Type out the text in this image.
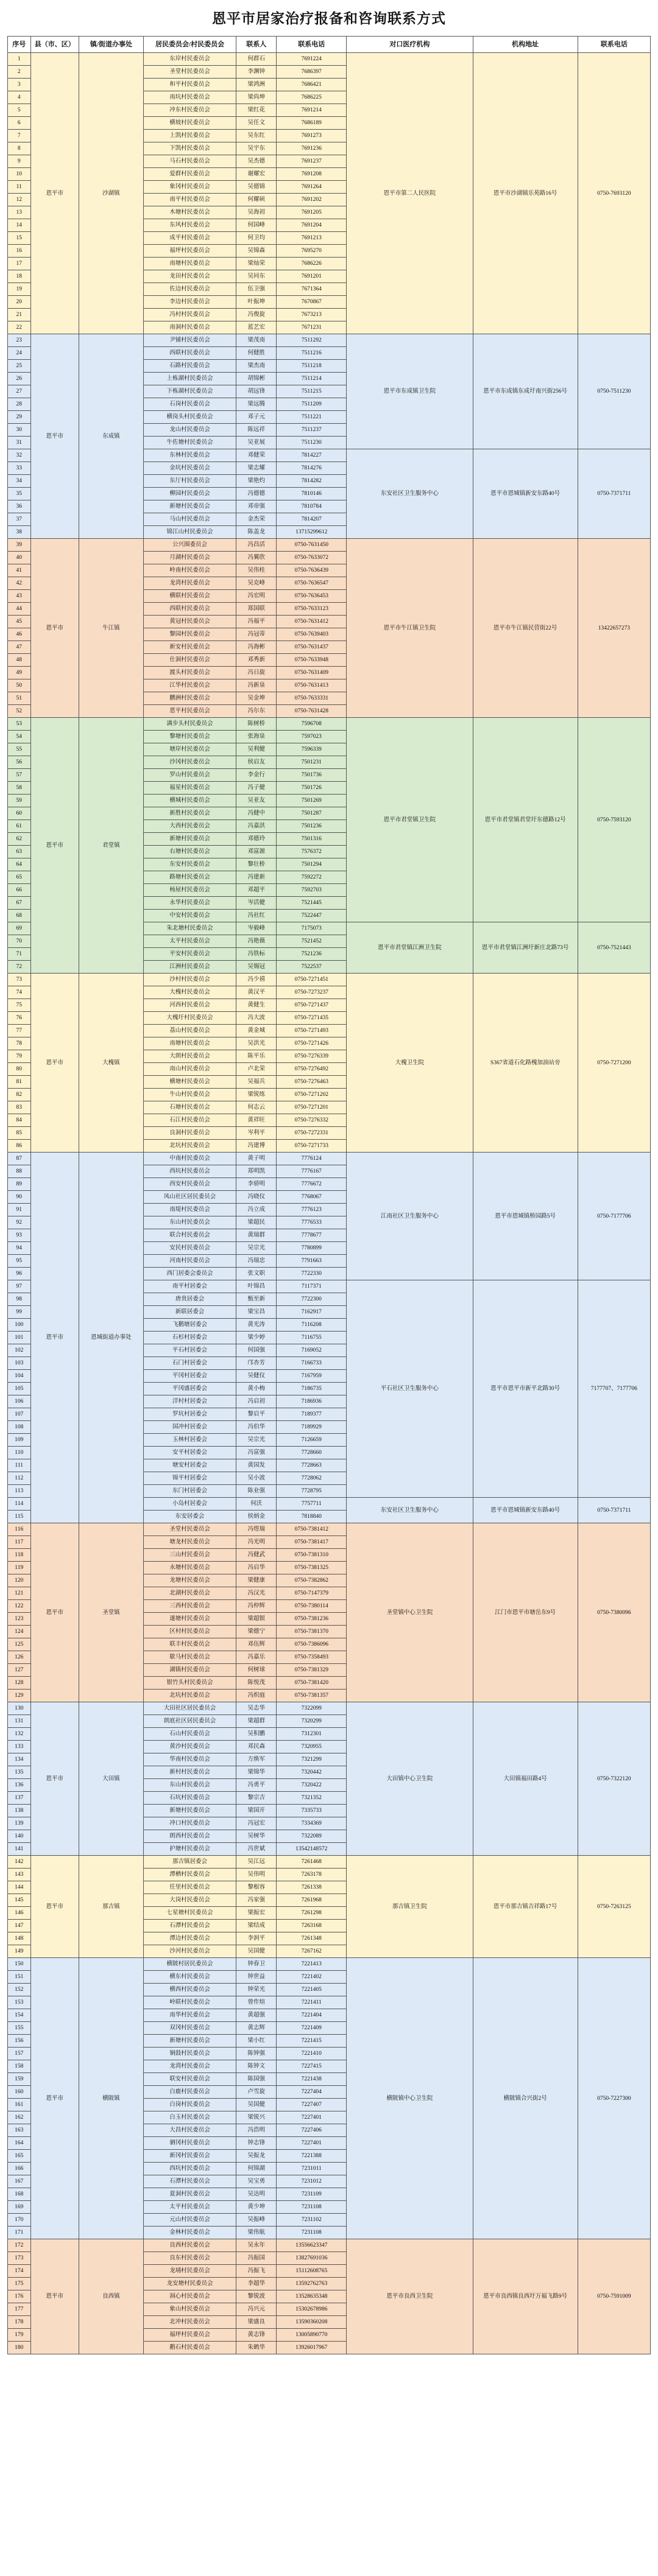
恩平市居家治疗报备和咨询联系方式
序号	县（市、区）	镇/街道办事处	居民委员会/村民委员会	联系人	联系电话	对口医疗机构	机构地址	联系电话
1	恩平市	沙湖镇	东岸村民委员会	何群石	7691224	恩平市第二人民医院	恩平市沙湖镇乐苑路16号	0750-7693120
2			圣堂村民委员会	李渊钟	7686397			
3			和平村民委员会	梁鸿洲	7686421			
4			南坑村民委员会	梁尚坤	7686225			
5			冲东村民委员会	梁红花	7691214			
6			横坡村民委员会	吴任文	7686189			
7			上凯村民委员会	吴东红	7691273			
8			下凯村民委员会	吴宇东	7691236			
9			马石村民委员会	吴杰德	7691237			
10			爱群村民委员会	谢耀宏	7691208			
11			象冈村民委员会	吴德锦	7691264			
12			南平村民委员会	何耀硕	7691202			
13			木塘村民委员会	吴海初	7691205			
14			东风村民委员会	何国峰	7691204			
15			成平村民委员会	何卫均	7691213			
16			福坪村民委员会	吴锦森	7695270			
17			南塘村民委员会	梁灿荣	7686226			
18			龙田村民委员会	吴同东	7691201			
19			佐边村民委员会	伍卫强	7671364			
20			李边村民委员会	叶振坤	7670867			
21			冯村村民委员会	冯俊旋	7673213			
22			南洞村民委员会	蓝艺宏	7671231			
23	恩平市	东成镇	尹铺村民委员会	梁茂南	7511292	恩平市东成镇卫生院	恩平市东成镇东成圩南兴街256号	0750-7511230
24			西联村民委员会	何健胜	7511216			
25			石路村民委员会	梁杰南	7511218			
26			上栋湖村民委员会	胡锦彬	7511214			
27			下栋湖村民委员会	胡远锋	7511215			
28			石岗村民委员会	梁远腾	7511209			
29			横岗头村民委员会	邓子元	7511221			
30			龙山村民委员会	陈远祥	7511237			
31			牛佐塘村民委员会	吴亚展	7511230			
32			东林村民委员会	邓健荣	7814227	东安社区卫生服务中心	恩平市恩城镇新安东路40号	0750-7371711
33			金坑村民委员会	梁志耀	7814276			
34			东厅村民委员会	梁艳灼	7814282			
35			柳园村民委员会	冯德德	7810146			
36			新塘村民委员会	邓帝强	7810784			
37			马山村民委员会	金杰荣	7814207			
38			锦江山村民委员会	陈盖龙	13715299612			
39	恩平市	牛江镇	公兴围委员会	冯昌活	0750-7631450	恩平市牛江镇卫生院	恩平市牛江镇民营街22号	13422657273
40			月湖村民委员会	冯翼欣	0750-7633072			
41			岭南村民委员会	吴伟桂	0750-7636439			
42			龙湾村民委员会	吴克峰	0750-7636547			
43			横联村民委员会	冯宏明	0750-7636453			
44			西联村民委员会	郑国联	0750-7633123			
45			黄冠村民委员会	冯福平	0750-7631412			
46			黎园村民委员会	冯冠蒂	0750-7639403			
47			新安村民委员会	冯海彬	0750-7631437			
48			仕洞村民委员会	邓秀新	0750-7633948			
49			渡头村民委员会	冯日旋	0750-7631409			
50			江华村民委员会	冯新泉	0750-7631413			
51			鹏洲村民委员会	吴金坤	0750-7633331			
52			恩平村民委员会	冯尔东	0750-7631428			
53	恩平市	君堂镇	满步头村民委员会	陈树桥	7596708	恩平市君堂镇卫生院	恩平市君堂镇君堂圩东德路12号	0750-7593120
54			黎塘村民委员会	张海泉	7597023			
55			塘岸村民委员会	吴利健	7596339			
56			沙冈村民委员会	侯启友	7501231			
57			罗山村民委员会	李金行	7501736			
58			福星村民委员会	冯子健	7501726			
59			横城村民委员会	吴亚友	7501269			
60			新胜村民委员会	冯健中	7501287			
61			大西村民委员会	冯嘉洪	7501236			
62			新塘村民委员会	邓德玲	7501316			
63			右塘村民委员会	邓富源	7576372			
64			东安村民委员会	黎壮桥	7501294			
65			路塘村民委员会	冯建新	7592272			
66			杨屋村民委员会	邓超平	7592703			
67			永华村民委员会	岑活健	7521445			
68			中安村民委员会	冯社红	7522447			
69			朱北塘村民委员会	岑毅峰	7175073	恩平市君堂镇江洲卫生院	恩平市君堂镇江洲圩新庄北路73号	0750-7521443
70			太平村民委员会	冯艳薇	7521452			
71			平安村民委员会	冯铁标	7521236			
72			江洲村民委员会	吴锡冠	7522537			
73	恩平市	大槐镇	沙村村民委员会	冯少禧	0750-7271451	大槐卫生院	S367省道石化路槐加油站旁	0750-7271200
74			大槐村民委员会	黄汉平	0750-7273237			
75			河西村民委员会	黄健生	0750-7271437			
76			大槐圩村民委员会	冯大波	0750-7271435			
77			荔山村民委员会	黄金城	0750-7271493			
78			南塘村民委员会	吴洪光	0750-7271426			
79			大朗村民委员会	陈平乐	0750-7276339			
80			南山村民委员会	卢北荣	0750-7276492			
81			横塘村民委员会	吴福兵	0750-7276463			
82			牛山村民委员会	梁锐练	0750-7271202			
83			石塘村民委员会	何志云	0750-7271201			
84			石江村民委员会	黄祥旺	0750-7276332			
85			良洞村民委员会	岑利平	0750-7272331			
86			北坑村民委员会	冯建博	0750-7271733			
87	恩平市	恩城街道办事处	中南村民委员会	黄子明	7776124	江南社区卫生服务中心	恩平市恩城镇桥园路5号	0750-7177706
88			西坑村民委员会	郑明凯	7776167			
89			西安村民委员会	李骄明	7776672			
90			凤山社区居民委员会	冯晓仪	7768067			
91			南堤村民委员会	冯立成	7776123			
92			东山村民委员会	梁超民	7776533			
93			联合村民委员会	黄瑞群	7778677			
94			安民村民委员会	吴宗光	7780899			
95			河南村民委员会	冯瑞忠	7791663			
96			西门居委会委员会	张文职	7722330			
97			南平村居委会	叶锦昌	7117371	平石社区卫生服务中心	恩平市恩平市新平北路30号	7177707、7177706
98			唐贵居委会	甄至新	7722300			
99			新联居委会	梁宝昌	7162917			
100			飞鹅塘居委会	黄光涛	7116208			
101			石杉村居委会	梁少婷	7116755			
102			平石村居委会	何国强	7169052			
103			石门村居委会	邝杏芳	7166733			
104			平冈村居委会	吴健仪	7167959			
105			平冈盛居委会	黄小梅	7186735			
106			洋村村居委会	冯启初	7186936			
107			罗坑村居委会	黎启平	7189377			
108			国冲村居委会	冯伯华	7189929			
109			玉林村居委会	吴宗光	7126659			
110			安平村居委会	冯富强	7728660			
111			塘安村居委会	黄国发	7728663			
112			锦平村居委会	吴小波	7728062			
113			东门村居委会	陈业强	7728795			
114			小岛村居委会	何沃	7757711	东安社区卫生服务中心	恩平市恩城镇新安东路40号	0750-7371711
115			东安居委会	侯炳金	7818840			
116	恩平市	圣堂镇	圣堂村民委员会	冯煜瑞	0750-7381412	圣堂镇中心卫生院	江门市恩平市塘岳东9号	0750-7380096
117			塘龙村民委员会	冯光明	0750-7381417			
118			三山村民委员会	冯健武	0750-7381310			
119			永塘村民委员会	冯启华	0750-7381325			
120			龙塘村民委员会	梁健康	0750-7382862			
121			北湖村民委员会	冯汉光	0750-7147379			
122			三西村民委员会	冯仲辉	0750-7380114			
123			遂塘村民委员会	梁超银	0750-7381236			
124			区村村民委员会	梁德宁	0750-7381370			
125			联丰村民委员会	邓伍辉	0750-7386096			
126			歇马村民委员会	冯嘉乐	0750-7358493			
127			湖镇村民委员会	何树球	0750-7381329			
128			银竹头村民委员会	陈悦茂	0750-7381420			
129			北坑村民委员会	冯炽庭	0750-7381357			
130	恩平市	大田镇	大田社区居民委员会	吴志华	7322099	大田镇中心卫生院	大田镇福田路4号	0750-7322120
131			朗底社区居民委员会	梁超群	7320299			
132			石山村民委员会	吴积鹏	7312301			
133			黄沙村民委员会	邓民森	7320955			
134			华南村民委员会	方焕军	7321299			
135			新村村民委员会	梁锦华	7320442			
136			东山村民委员会	冯勇平	7320422			
137			石坑村民委员会	黎宗吉	7321352			
138			新塘村民委员会	梁国开	7335733			
139			冲口村民委员会	冯冠宏	7334369			
140			朗西村民委员会	吴树华	7322089			
141			护塘村民委员会	冯世斌	13542148572			
142	恩平市	那吉镇	那吉镇居委会	吴江远	7261468	那吉镇卫生院	恩平市那吉镇吉祥路17号	0750-7263125
143			潭栖村民委员会	吴伟明	7263178			
144			任里村民委员会	黎根容	7261338			
145			大岗村民委员会	冯家强	7261968			
146			七星塘村民委员会	梁振宏	7261298			
147			石潭村民委员会	梁结成	7263168			
148			潭边村民委员会	李润平	7261348			
149			沙河村民委员会	吴国健	7267162			
150	恩平市	横陂镇	横陂村居民委员会	钟春卫	7221413	横陂镇中心卫生院	横陂镇合兴街2号	0750-7227300
151			横东村民委员会	钟世益	7221402			
152			横西村民委员会	钟荣光	7221405			
153			岭联村民委员会	曾作煊	7221411			
154			南华村民委员会	黄超强	7221404			
155			双冈村民委员会	黄志辉	7221409			
156			新塘村民委员会	梁小红	7221415			
157			铜鼓村民委员会	陈钟强	7221410			
158			龙湾村民委员会	陈钟文	7227415			
159			联安村民委员会	陈国强	7221438			
160			白鹿村民委员会	卢雪旋	7227404			
161			白岗村民委员会	吴国健	7227407			
162			白玉村民委员会	梁锐兴	7227401			
163			大昌村民委员会	冯浩明	7227406			
164			驷冈村民委员会	钟志锋	7227401			
165			新冈村民委员会	吴振龙	7221388			
166			西坑村民委员会	何锦湖	7231011			
167			石潭村民委员会	吴宝勇	7231012			
168			夏洞村民委员会	吴达明	7231109			
169			太平村民委员会	黄少坤	7231108			
170			元山村民委员会	吴振峰	7231102			
171			金林村民委员会	梁伟航	7231108			
172	恩平市	良西镇	良西村民委员会	吴永年	13556623347	恩平市良西卫生院	恩平市良西镇良西圩万福飞路9号	0750-7591009
173			良东村民委员会	冯振国	13827691036			
174			龙埇村民委员会	冯振飞	15112608765			
175			龙安塘村民委员会	李超华	13592762763			
176			洞心村民委员会	黎锐波	13528635348			
177			象山村民委员会	冯兴元	15302678986			
178			北冲村民委员会	梁盛良	13590360208			
179			福坪村民委员会	黄志锋	13005890770			
180			鹅石村民委员会	朱鹤华	13926017967			
